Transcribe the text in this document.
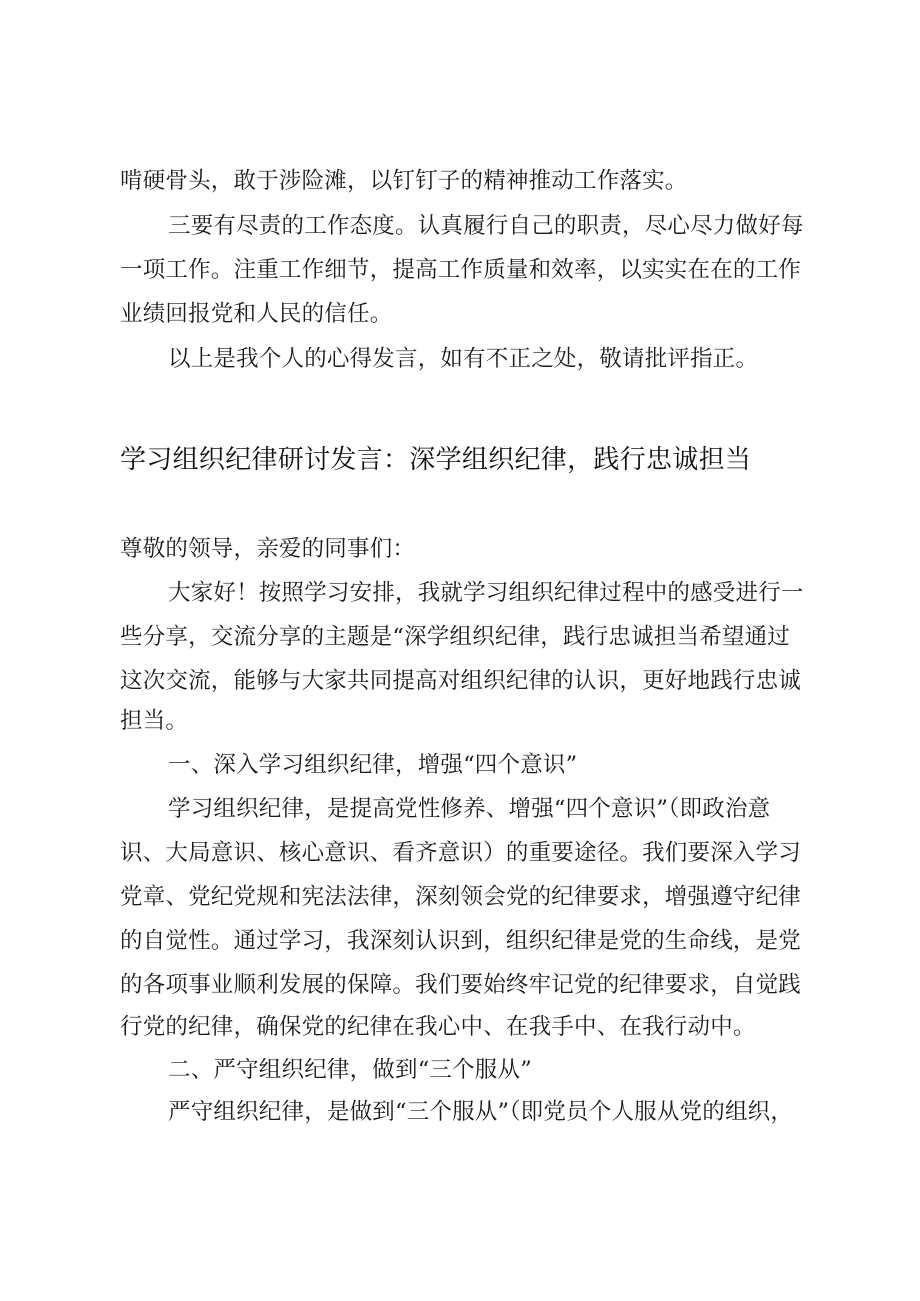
啃硬骨头，敢于涉险滩，以钉钉子的精神推动工作落实。
三要有尽责的工作态度。认真履行自己的职责，尽心尽力做好每
一项工作。注重工作细节，提高工作质量和效率，以实实在在的工作
业绩回报党和人民的信任。
以上是我个人的心得发言，如有不正之处，敬请批评指正。
学习组织纪律研讨发言：深学组织纪律，践行忠诚担当
尊敬的领导，亲爱的同事们：
大家好！按照学习安排，我就学习组织纪律过程中的感受进行一
些分享，交流分享的主题是“深学组织纪律，践行忠诚担当希望通过
这次交流，能够与大家共同提高对组织纪律的认识，更好地践行忠诚
担当。
一、深入学习组织纪律，增强“四个意识”
学习组织纪律，是提高党性修养、增强“四个意识”（即政治意
识、大局意识、核心意识、看齐意识）的重要途径。我们要深入学习
党章、党纪党规和宪法法律，深刻领会党的纪律要求，增强遵守纪律
的自觉性。通过学习，我深刻认识到，组织纪律是党的生命线，是党
的各项事业顺利发展的保障。我们要始终牢记党的纪律要求，自觉践
行党的纪律，确保党的纪律在我心中、在我手中、在我行动中。
二、严守组织纪律，做到“三个服从”
严守组织纪律，是做到“三个服从”（即党员个人服从党的组织，
